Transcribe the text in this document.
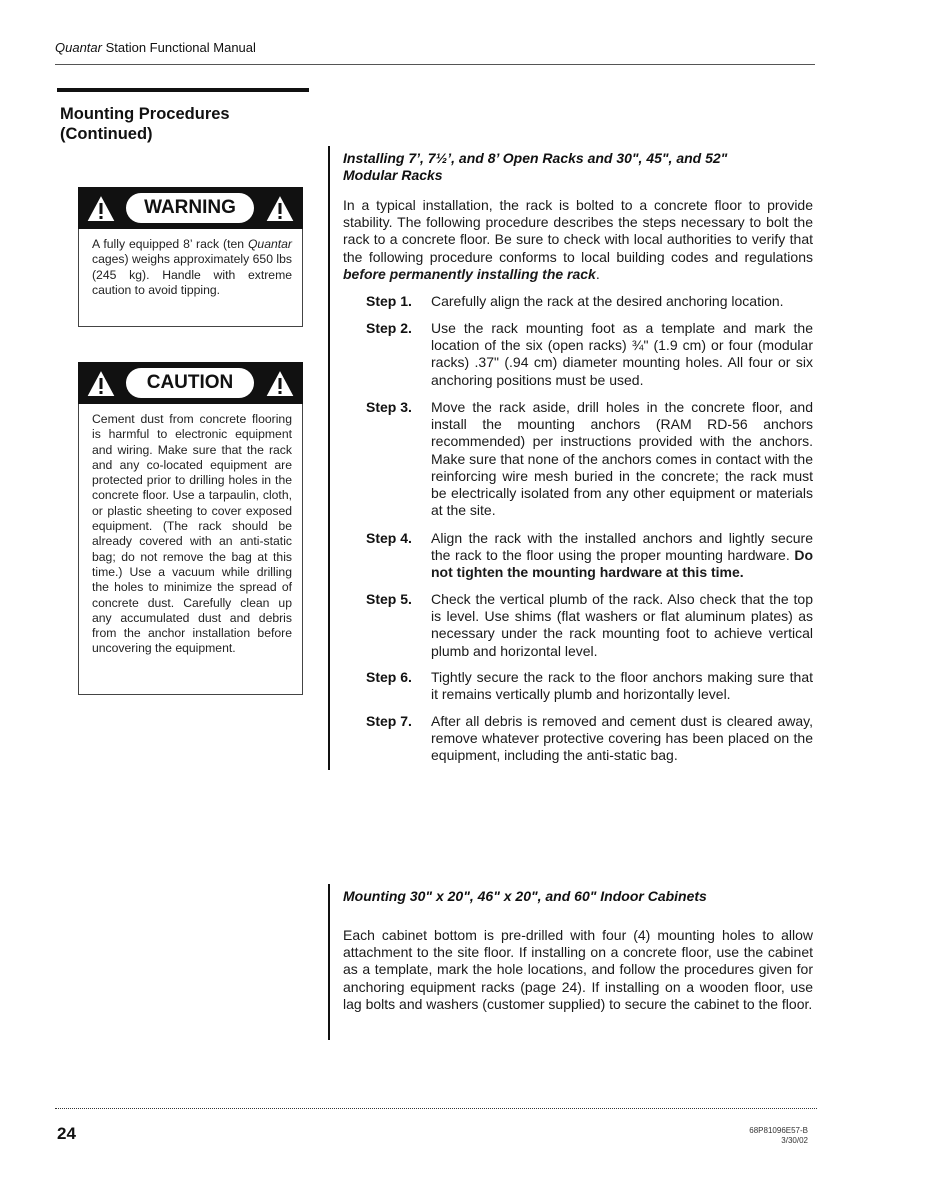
Quantar Station Functional Manual
Mounting Procedures
(Continued)
WARNING
A fully equipped 8’ rack (ten Quantar cages) weighs approximately 650 lbs (245 kg). Handle with extreme caution to avoid tipping.
CAUTION
Cement dust from concrete flooring is harmful to electronic equipment and wiring. Make sure that the rack and any co-located equipment are protected prior to drilling holes in the concrete floor. Use a tarpaulin, cloth, or plastic sheeting to cover exposed equipment. (The rack should be already covered with an anti-static bag; do not remove the bag at this time.) Use a vacuum while drilling the holes to minimize the spread of concrete dust. Carefully clean up any accumulated dust and debris from the anchor installation before uncovering the equipment.
Installing 7’, 7½’, and 8’ Open Racks and 30", 45", and 52"
Modular Racks
In a typical installation, the rack is bolted to a concrete floor to provide stability. The following procedure describes the steps necessary to bolt the rack to a concrete floor. Be sure to check with local authorities to verify that the following procedure conforms to local building codes and regulations before permanently installing the rack.
Step 1. Carefully align the rack at the desired anchoring location.
Step 2. Use the rack mounting foot as a template and mark the location of the six (open racks) ¾" (1.9 cm) or four (modular racks) .37" (.94 cm) diameter mounting holes. All four or six anchoring positions must be used.
Step 3. Move the rack aside, drill holes in the concrete floor, and install the mounting anchors (RAM RD-56 anchors recommended) per instructions provided with the anchors. Make sure that none of the anchors comes in contact with the reinforcing wire mesh buried in the concrete; the rack must be electrically isolated from any other equipment or materials at the site.
Step 4. Align the rack with the installed anchors and lightly secure the rack to the floor using the proper mounting hardware. Do not tighten the mounting hardware at this time.
Step 5. Check the vertical plumb of the rack. Also check that the top is level. Use shims (flat washers or flat aluminum plates) as necessary under the rack mounting foot to achieve vertical plumb and horizontal level.
Step 6. Tightly secure the rack to the floor anchors making sure that it remains vertically plumb and horizontally level.
Step 7. After all debris is removed and cement dust is cleared away, remove whatever protective covering has been placed on the equipment, including the anti-static bag.
Mounting 30" x 20", 46" x 20", and 60" Indoor Cabinets
Each cabinet bottom is pre-drilled with four (4) mounting holes to allow attachment to the site floor. If installing on a concrete floor, use the cabinet as a template, mark the hole locations, and follow the procedures given for anchoring equipment racks (page 24). If installing on a wooden floor, use lag bolts and washers (customer supplied) to secure the cabinet to the floor.
24	68P81096E57-B
3/30/02
